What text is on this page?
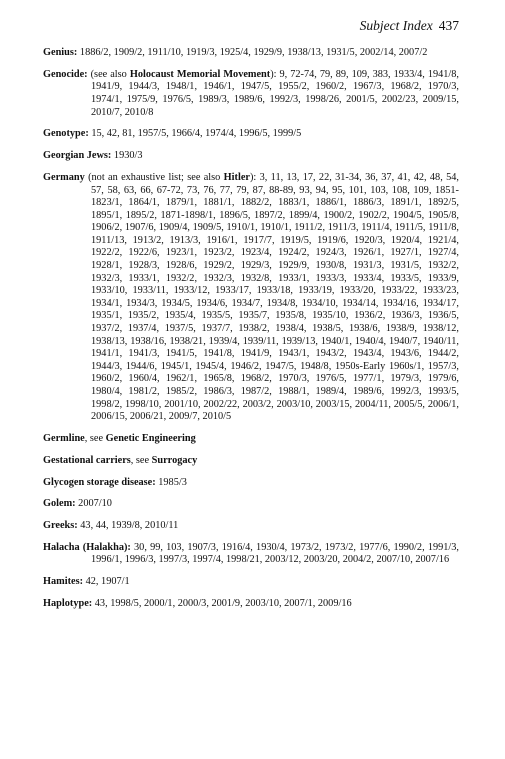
Subject Index 437

Genius: 1886/2, 1909/2, 1911/10, 1919/3, 1925/4, 1929/9, 1938/13, 1931/5, 2002/14, 2007/2

Genocide: (see also Holocaust Memorial Movement): 9, 72-74, 79, 89, 109, 383, 1933/4, 1941/8, 1941/9, 1944/3, 1948/1, 1946/1, 1947/5, 1955/2, 1960/2, 1967/3, 1968/2, 1970/3, 1974/1, 1975/9, 1976/5, 1989/3, 1989/6, 1992/3, 1998/26, 2001/5, 2002/23, 2009/15, 2010/7, 2010/8

Genotype: 15, 42, 81, 1957/5, 1966/4, 1974/4, 1996/5, 1999/5

Georgian Jews: 1930/3

Germany (not an exhaustive list; see also Hitler): 3, 11, 13, 17, 22, 31-34, 36, 37, 41, 42, 48, 54, 57, 58, 63, 66, 67-72, 73, 76, 77, 79, 87, 88-89, 93, 94, 95, 101, 103, 108, 109, 1851-1823/1, 1864/1, 1879/1, 1881/1, 1882/2, 1883/1, 1886/1, 1886/3, 1891/1, 1892/5, 1895/1, 1895/2, 1871-1898/1, 1896/5, 1897/2, 1899/4, 1900/2, 1902/2, 1904/5, 1905/8, 1906/2, 1907/6, 1909/4, 1909/5, 1910/1, 1910/1, 1911/2, 1911/3, 1911/4, 1911/5, 1911/8, 1911/13, 1913/2, 1913/3, 1916/1, 1917/7, 1919/5, 1919/6, 1920/3, 1920/4, 1921/4, 1922/2, 1922/6, 1923/1, 1923/2, 1923/4, 1924/2, 1924/3, 1926/1, 1927/1, 1927/4, 1928/1, 1928/3, 1928/6, 1929/2, 1929/3, 1929/9, 1930/8, 1931/3, 1931/5, 1932/2, 1932/3, 1933/1, 1932/2, 1932/3, 1932/8, 1933/1, 1933/3, 1933/4, 1933/5, 1933/9, 1933/10, 1933/11, 1933/12, 1933/17, 1933/18, 1933/19, 1933/20, 1933/22, 1933/23, 1934/1, 1934/3, 1934/5, 1934/6, 1934/7, 1934/8, 1934/10, 1934/14, 1934/16, 1934/17, 1935/1, 1935/2, 1935/4, 1935/5, 1935/7, 1935/8, 1935/10, 1936/2, 1936/3, 1936/5, 1937/2, 1937/4, 1937/5, 1937/7, 1938/2, 1938/4, 1938/5, 1938/6, 1938/9, 1938/12, 1938/13, 1938/16, 1938/21, 1939/4, 1939/11, 1939/13, 1940/1, 1940/4, 1940/7, 1940/11, 1941/1, 1941/3, 1941/5, 1941/8, 1941/9, 1943/1, 1943/2, 1943/4, 1943/6, 1944/2, 1944/3, 1944/6, 1945/1, 1945/4, 1946/2, 1947/5, 1948/8, 1950s-Early 1960s/1, 1957/3, 1960/2, 1960/4, 1962/1, 1965/8, 1968/2, 1970/3, 1976/5, 1977/1, 1979/3, 1979/6, 1980/4, 1981/2, 1985/2, 1986/3, 1987/2, 1988/1, 1989/4, 1989/6, 1992/3, 1993/5, 1998/2, 1998/10, 2001/10, 2002/22, 2003/2, 2003/10, 2003/15, 2004/11, 2005/5, 2006/1, 2006/15, 2006/21, 2009/7, 2010/5

Germline, see Genetic Engineering

Gestational carriers, see Surrogacy

Glycogen storage disease: 1985/3

Golem: 2007/10

Greeks: 43, 44, 1939/8, 2010/11

Halacha (Halakha): 30, 99, 103, 1907/3, 1916/4, 1930/4, 1973/2, 1973/2, 1977/6, 1990/2, 1991/3, 1996/1, 1996/3, 1997/3, 1997/4, 1998/21, 2003/12, 2003/20, 2004/2, 2007/10, 2007/16

Hamites: 42, 1907/1

Haplotype: 43, 1998/5, 2000/1, 2000/3, 2001/9, 2003/10, 2007/1, 2009/16
